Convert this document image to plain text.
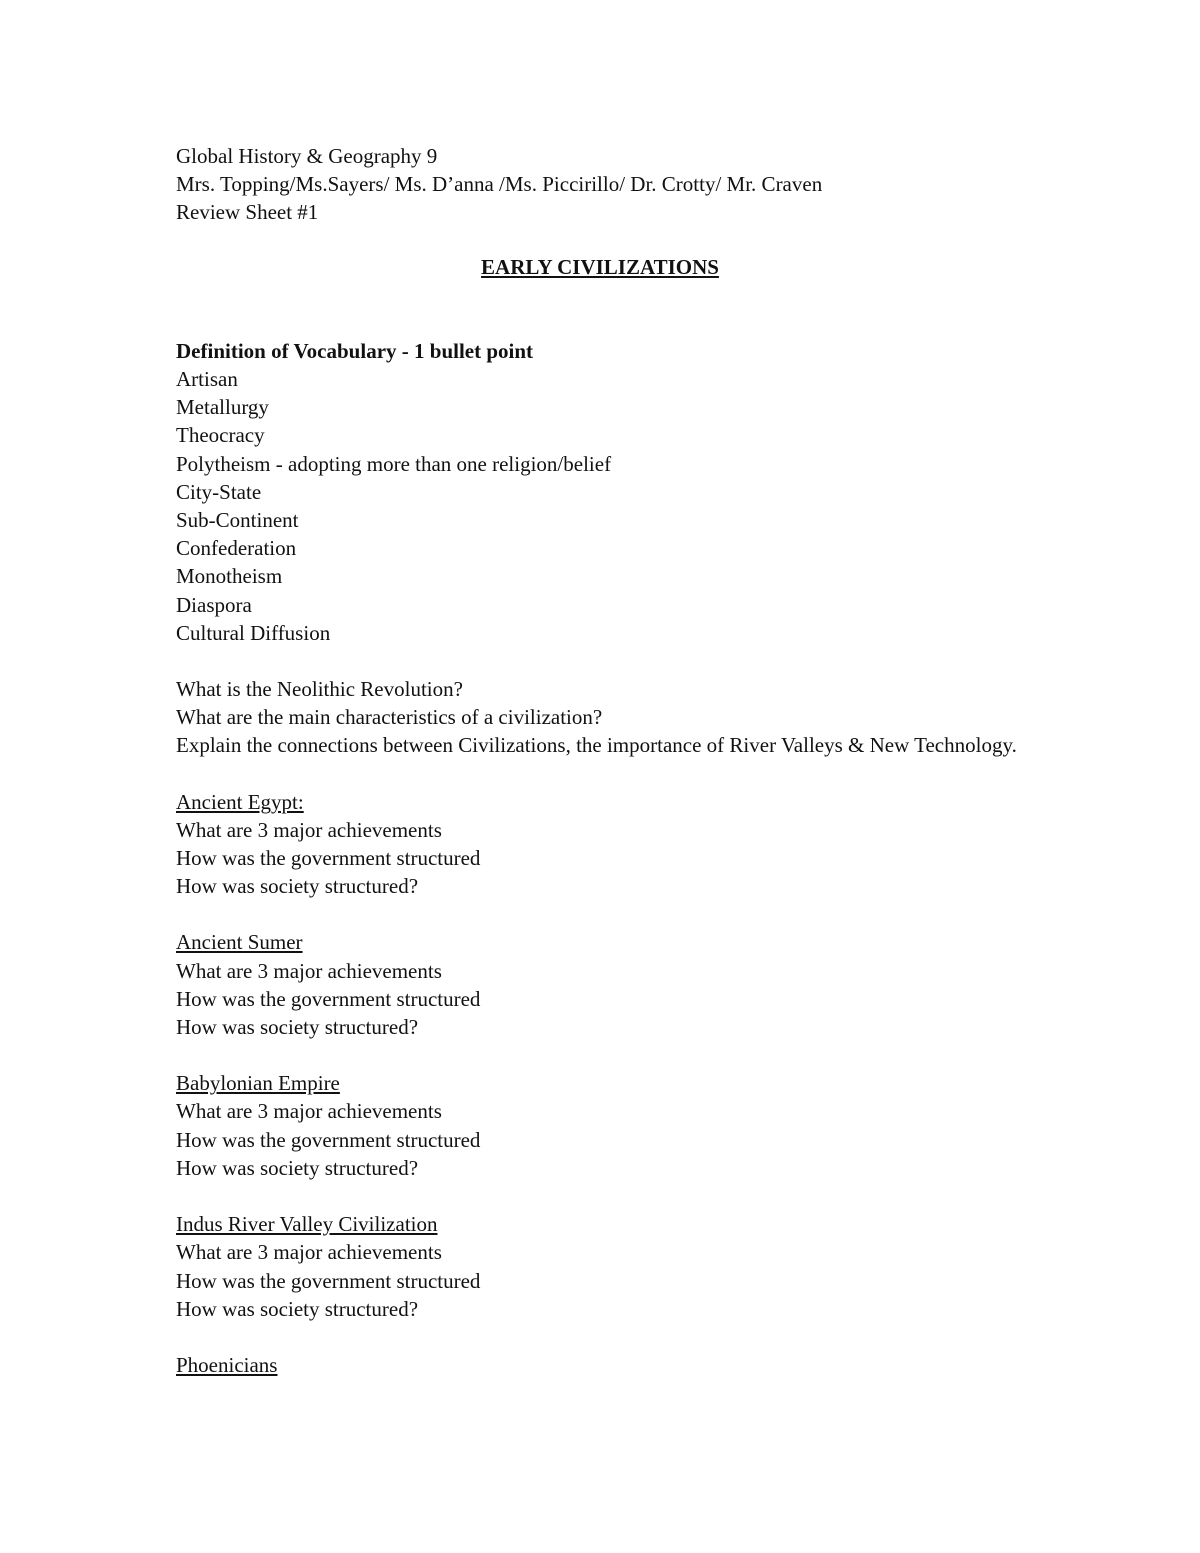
Global History & Geography 9
Mrs. Topping/Ms.Sayers/ Ms. D’anna /Ms. Piccirillo/ Dr. Crotty/ Mr. Craven
Review Sheet #1
EARLY CIVILIZATIONS
Definition of Vocabulary - 1 bullet point
Artisan
Metallurgy
Theocracy
Polytheism - adopting more than one religion/belief
City-State
Sub-Continent
Confederation
Monotheism
Diaspora
Cultural Diffusion
What is the Neolithic Revolution?
What are the main characteristics of a civilization?
Explain the connections between Civilizations, the importance of River Valleys & New Technology.
Ancient Egypt:
What are 3 major achievements
How was the government structured
How was society structured?
Ancient Sumer
What are 3 major achievements
How was the government structured
How was society structured?
Babylonian Empire
What are 3 major achievements
How was the government structured
How was society structured?
Indus River Valley Civilization
What are 3 major achievements
How was the government structured
How was society structured?
Phoenicians
